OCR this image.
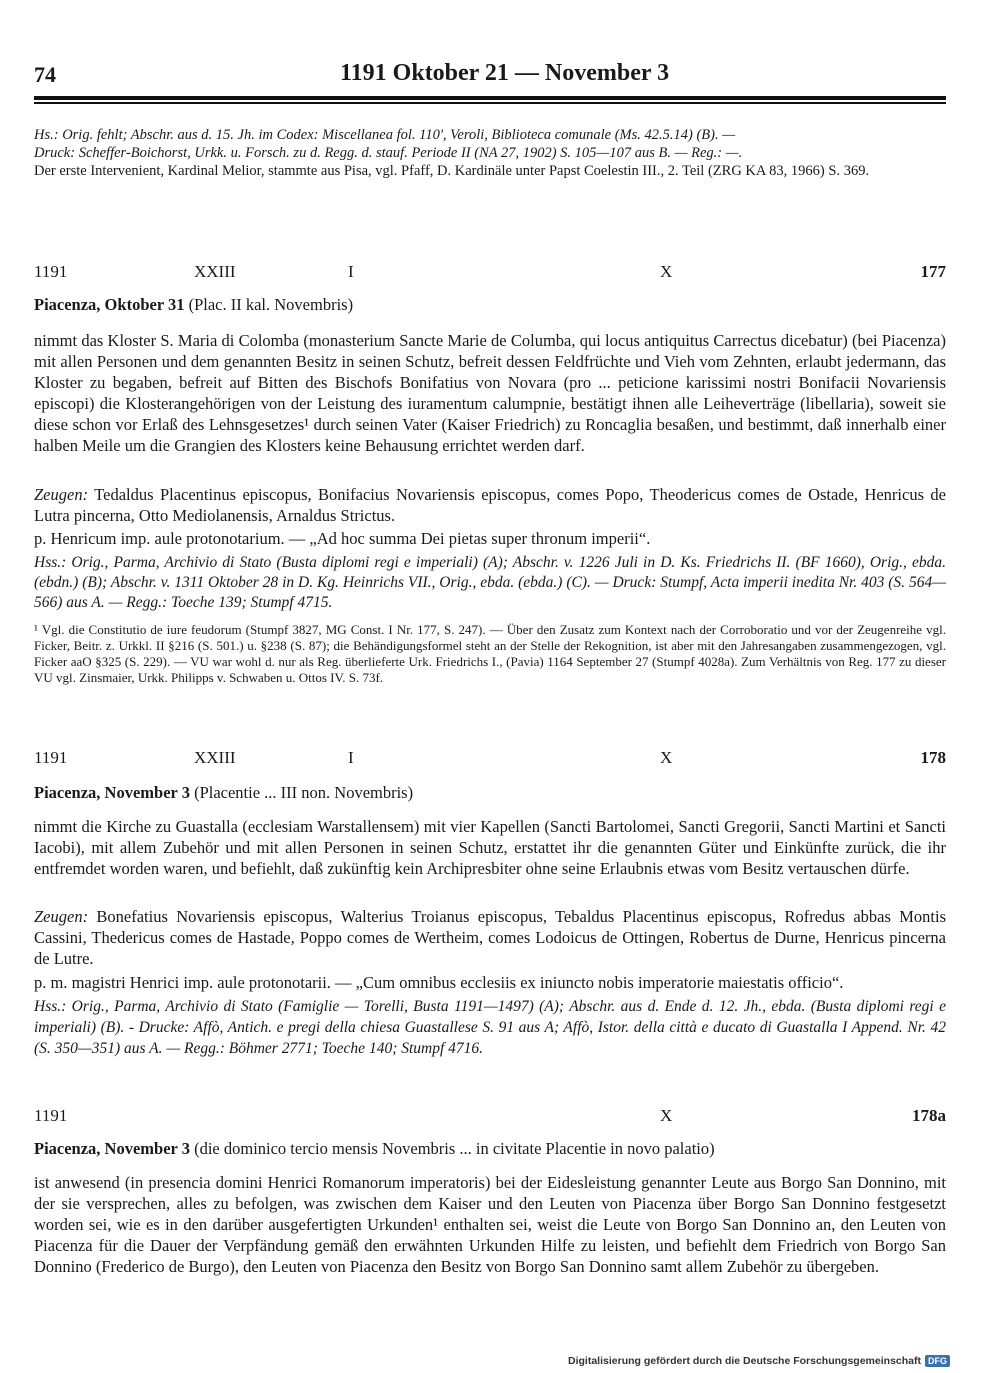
74	1191 Oktober 21 — November 3

Hs.: Orig. fehlt; Abschr. aus d. 15. Jh. im Codex: Miscellanea fol. 110', Veroli, Biblioteca comunale (Ms. 42.5.14) (B). —

Druck: Scheffer-Boichorst, Urkk. u. Forsch. zu d. Regg. d. stauf. Periode II (NA 27, 1902) S. 105—107 aus B. — Reg.: —.

Der erste Intervenient, Kardinal Melior, stammte aus Pisa, vgl. Pfaff, D. Kardinäle unter Papst Coelestin III., 2. Teil (ZRG KA 83, 1966) S. 369.

1191	XXIII	I	X	177
Piacenza, Oktober 31 (Plac. II kal. Novembris)
nimmt das Kloster S. Maria di Colomba (monasterium Sancte Marie de Columba, qui locus antiquitus Carrectus dicebatur) (bei Piacenza) mit allen Personen und dem genannten Besitz in seinen Schutz, befreit dessen Feldfrüchte und Vieh vom Zehnten, erlaubt jedermann, das Kloster zu begaben, befreit auf Bitten des Bischofs Bonifatius von Novara (pro ... peticione karissimi nostri Bonifacii Novariensis episcopi) die Klosterangehörigen von der Leistung des iuramentum calumpnie, bestätigt ihnen alle Leiheverträge (libellaria), soweit sie diese schon vor Erlaß des Lehnsgesetzes¹ durch seinen Vater (Kaiser Friedrich) zu Roncaglia besaßen, und bestimmt, daß innerhalb einer halben Meile um die Grangien des Klosters keine Behausung errichtet werden darf.
Zeugen: Tedaldus Placentinus episcopus, Bonifacius Novariensis episcopus, comes Popo, Theodericus comes de Ostade, Henricus de Lutra pincerna, Otto Mediolanensis, Arnaldus Strictus.
p. Henricum imp. aule protonotarium. — „Ad hoc summa Dei pietas super thronum imperii“.
Hss.: Orig., Parma, Archivio di Stato (Busta diplomi regi e imperiali) (A); Abschr. v. 1226 Juli in D. Ks. Friedrichs II. (BF 1660), Orig., ebda. (ebdn.) (B); Abschr. v. 1311 Oktober 28 in D. Kg. Heinrichs VII., Orig., ebda. (ebda.) (C). — Druck: Stumpf, Acta imperii inedita Nr. 403 (S. 564—566) aus A. — Regg.: Toeche 139; Stumpf 4715.
¹ Vgl. die Constitutio de iure feudorum (Stumpf 3827, MG Const. I Nr. 177, S. 247). — Über den Zusatz zum Kontext nach der Corroboratio und vor der Zeugenreihe vgl. Ficker, Beitr. z. Urkkl. II §216 (S. 501.) u. §238 (S. 87); die Behändigungsformel steht an der Stelle der Rekognition, ist aber mit den Jahresangaben zusammengezogen, vgl. Ficker aaO §325 (S. 229). — VU war wohl d. nur als Reg. überlieferte Urk. Friedrichs I., (Pavia) 1164 September 27 (Stumpf 4028a). Zum Verhältnis von Reg. 177 zu dieser VU vgl. Zinsmaier, Urkk. Philipps v. Schwaben u. Ottos IV. S. 73f.
1191	XXIII	I	X	178
Piacenza, November 3 (Placentie ... III non. Novembris)
nimmt die Kirche zu Guastalla (ecclesiam Warstallensem) mit vier Kapellen (Sancti Bartolomei, Sancti Gregorii, Sancti Martini et Sancti Iacobi), mit allem Zubehör und mit allen Personen in seinen Schutz, erstattet ihr die genannten Güter und Einkünfte zurück, die ihr entfremdet worden waren, und befiehlt, daß zukünftig kein Archipresbiter ohne seine Erlaubnis etwas vom Besitz vertauschen dürfe.
Zeugen: Bonefatius Novariensis episcopus, Walterius Troianus episcopus, Tebaldus Placentinus episcopus, Rofredus abbas Montis Cassini, Thedericus comes de Hastade, Poppo comes de Wertheim, comes Lodoicus de Ottingen, Robertus de Durne, Henricus pincerna de Lutre.
p. m. magistri Henrici imp. aule protonotarii. — „Cum omnibus ecclesiis ex iniuncto nobis imperatorie maiestatis officio“.
Hss.: Orig., Parma, Archivio di Stato (Famiglie — Torelli, Busta 1191—1497) (A); Abschr. aus d. Ende d. 12. Jh., ebda. (Busta diplomi regi e imperiali) (B). - Drucke: Affò, Antich. e pregi della chiesa Guastallese S. 91 aus A; Affò, Istor. della città e ducato di Guastalla I Append. Nr. 42 (S. 350—351) aus A. — Regg.: Böhmer 2771; Toeche 140; Stumpf 4716.
1191	X	178a
Piacenza, November 3 (die dominico tercio mensis Novembris ... in civitate Placentie in novo palatio)
ist anwesend (in presencia domini Henrici Romanorum imperatoris) bei der Eidesleistung genannter Leute aus Borgo San Donnino, mit der sie versprechen, alles zu befolgen, was zwischen dem Kaiser und den Leuten von Piacenza über Borgo San Donnino festgesetzt worden sei, wie es in den darüber ausgefertigten Urkunden¹ enthalten sei, weist die Leute von Borgo San Donnino an, den Leuten von Piacenza für die Dauer der Verpfändung gemäß den erwähnten Urkunden Hilfe zu leisten, und befiehlt dem Friedrich von Borgo San Donnino (Frederico de Burgo), den Leuten von Piacenza den Besitz von Borgo San Donnino samt allem Zubehör zu übergeben.
Digitalisierung gefördert durch die Deutsche Forschungsgemeinschaft DFG
